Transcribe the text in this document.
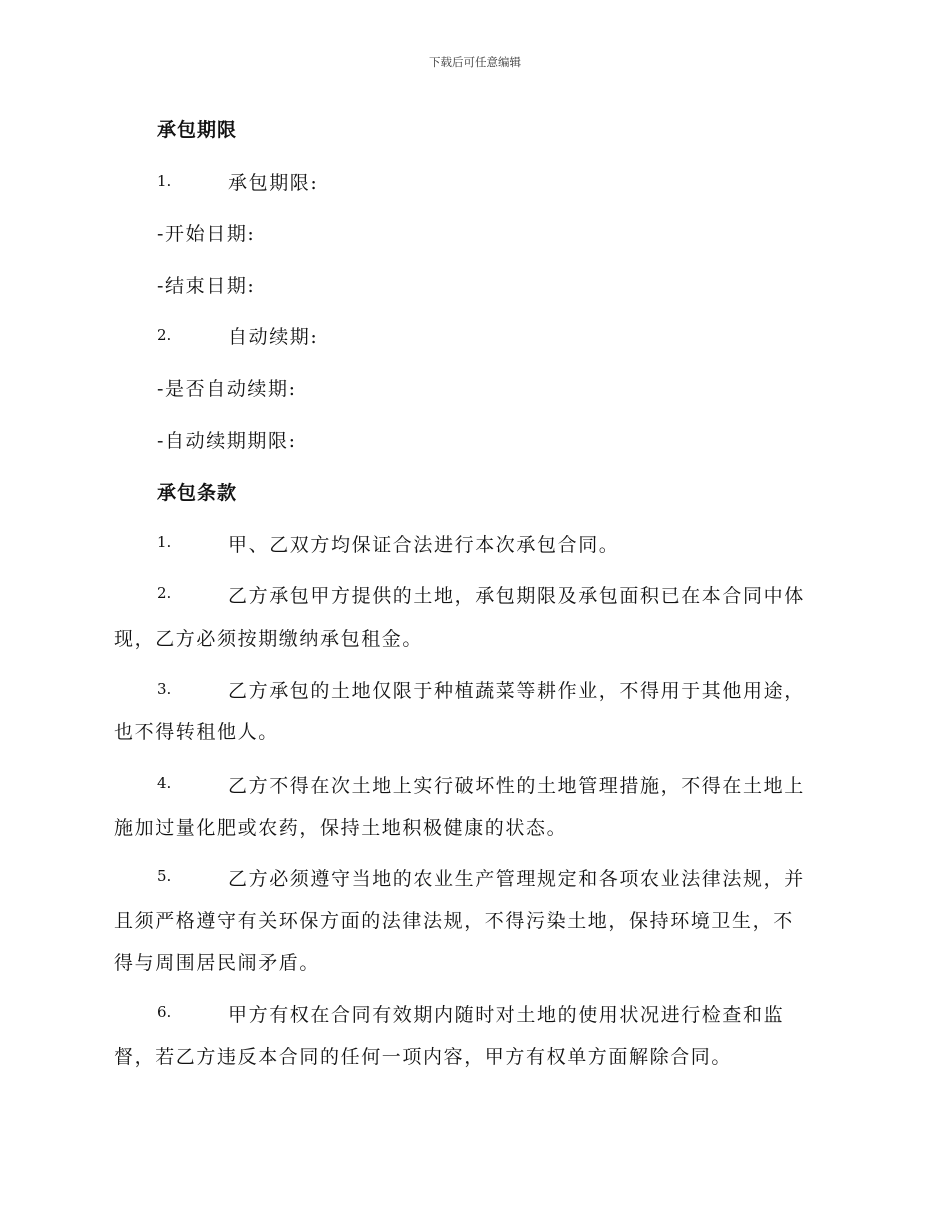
下载后可任意编辑
承包期限
1.	承包期限:
-开始日期:
-结束日期:
2.	自动续期:
-是否自动续期:
-自动续期期限:
承包条款
1.	甲、乙双方均保证合法进行本次承包合同。
2.	乙方承包甲方提供的土地，承包期限及承包面积已在本合同中体
现，乙方必须按期缴纳承包租金。
3.	乙方承包的土地仅限于种植蔬菜等耕作业，不得用于其他用途，
也不得转租他人。
4.	乙方不得在次土地上实行破坏性的土地管理措施，不得在土地上
施加过量化肥或农药，保持土地积极健康的状态。
5.	乙方必须遵守当地的农业生产管理规定和各项农业法律法规，并
且须严格遵守有关环保方面的法律法规，不得污染土地，保持环境卫生，不
得与周围居民闹矛盾。
6.	甲方有权在合同有效期内随时对土地的使用状况进行检查和监
督，若乙方违反本合同的任何一项内容，甲方有权单方面解除合同。
